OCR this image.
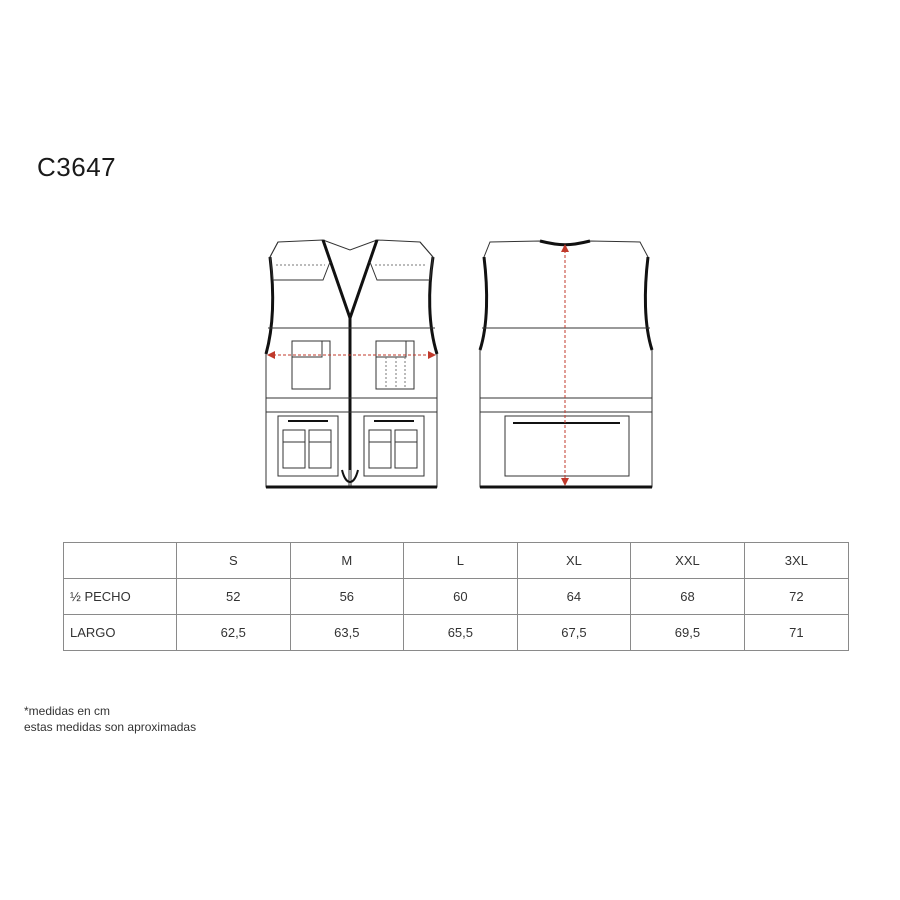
C3647
	S	M	L	XL	XXL	3XL
½ PECHO	52	56	60	64	68	72
LARGO	62,5	63,5	65,5	67,5	69,5	71
*medidas en cm
estas medidas son aproximadas
